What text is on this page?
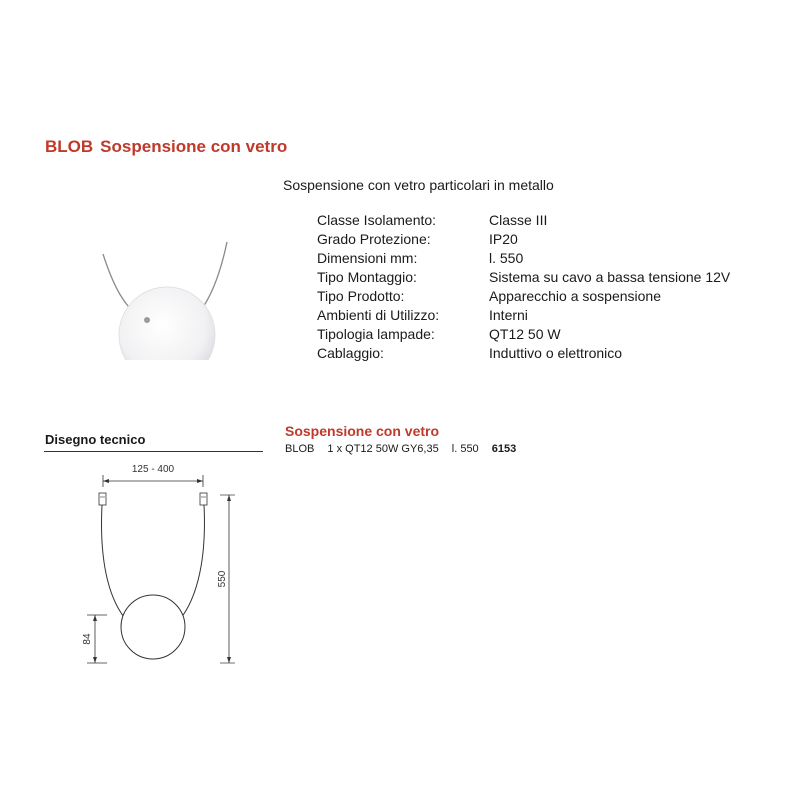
BLOB Sospensione con vetro
Sospensione con vetro particolari in metallo
Classe Isolamento:	Classe III
Grado Protezione:	IP20
Dimensioni mm:	l. 550
Tipo Montaggio:	Sistema su cavo a bassa tensione 12V
Tipo Prodotto:	Apparecchio a sospensione
Ambienti di Utilizzo:	Interni
Tipologia lampade:	QT12 50 W
Cablaggio:	Induttivo o elettronico
Disegno tecnico
Sospensione con vetro
BLOB 1 x QT12 50W GY6,35 l. 550 6153
125 - 400
550
84
